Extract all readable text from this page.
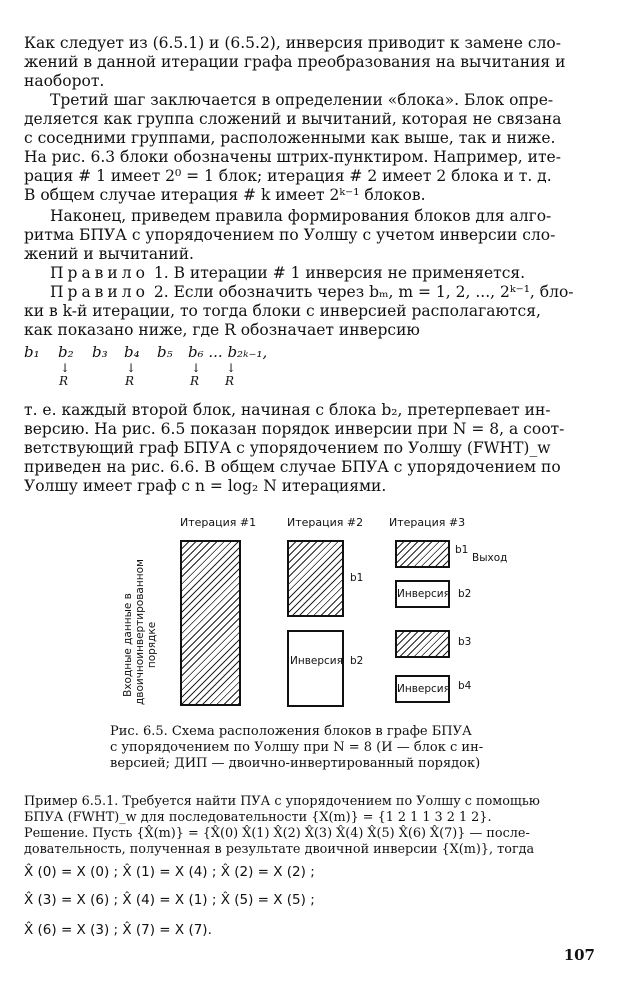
Как следует из (6.5.1) и (6.5.2), инверсия приводит к замене сло-
жений в данной итерации графа преобразования на вычитания и
наоборот.
Третий шаг заключается в определении «блока». Блок опре-
деляется как группа сложений и вычитаний, которая не связана
с соседними группами, расположенными как выше, так и ниже.
На рис. 6.3 блоки обозначены штрих-пунктиром. Например, ите-
рация # 1 имеет 2⁰ = 1 блок; итерация # 2 имеет 2 блока и т. д.
В общем случае итерация # k имеет 2ᵏ⁻¹ блоков.
Наконец, приведем правила формирования блоков для алго-
ритма БПУА с упорядочением по Уолшу с учетом инверсии сло-
жений и вычитаний.
Правило 1. В итерации # 1 инверсия не применяется.
Правило 2. Если обозначить через bₘ, m = 1, 2, ..., 2ᵏ⁻¹, бло-
ки в k-й итерации, то тогда блоки с инверсией располагаются,
как показано ниже, где R обозначает инверсию
b₁ b₂ b₃ b₄ b₅ b₆ ... b₂ₖ₋₁,
↓	↓	↓ ↓
R	R	R R
т. е. каждый второй блок, начиная с блока b₂, претерпевает ин-
версию. На рис. 6.5 показан порядок инверсии при N = 8, а соот-
ветствующий граф БПУА с упорядочением по Уолшу (FWHT)_w
приведен на рис. 6.6. В общем случае БПУА с упорядочением по
Уолшу имеет граф с n = log₂ N итерациями.
Итерация #1	Итерация #2 Итерация #3
Входные данные в двоичноинвертированном порядке
b1
Инверсия b2
b1
Выход
Инверсия b2
b3
Инверсия b4
Рис. 6.5. Схема расположения блоков в графе БПУА
с упорядочением по Уолшу при N = 8 (И — блок с ин-
версией; ДИП — двоично-инвертированный порядок)
Пример 6.5.1. Требуется найти ПУА с упорядочением по Уолшу с помощью
БПУА (FWHT)_w для последовательности {X(m)} = {1 2 1 1 3 2 1 2}.
Решение. Пусть {X̂(m)} = {X̂(0) X̂(1) X̂(2) X̂(3) X̂(4) X̂(5) X̂(6) X̂(7)} — после-
довательность, полученная в результате двоичной инверсии {X(m)}, тогда
X̂ (0) = X (0) ; X̂ (1) = X (4) ; X̂ (2) = X (2) ;
X̂ (3) = X (6) ; X̂ (4) = X (1) ; X̂ (5) = X (5) ;
X̂ (6) = X (3) ; X̂ (7) = X (7).
107
